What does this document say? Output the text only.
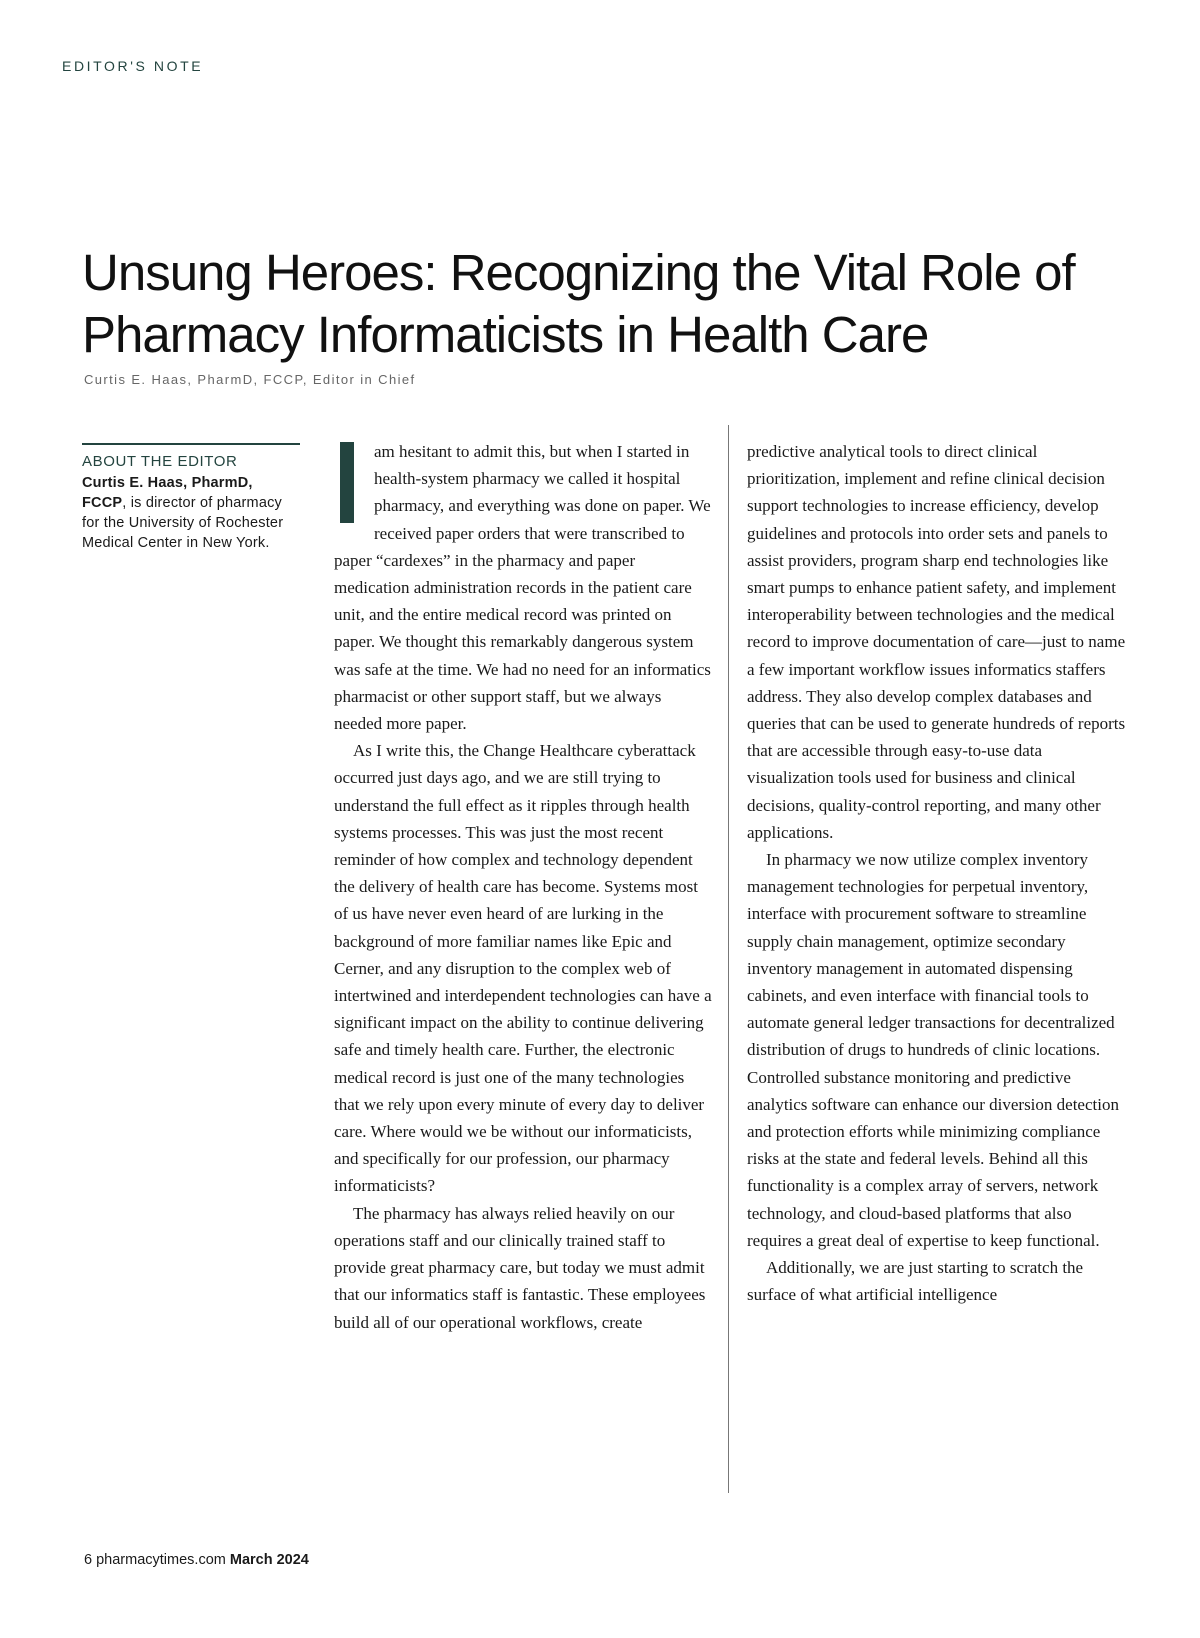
EDITOR'S NOTE
Unsung Heroes: Recognizing the Vital Role of Pharmacy Informaticists in Health Care
Curtis E. Haas, PharmD, FCCP, Editor in Chief
ABOUT THE EDITOR
Curtis E. Haas, PharmD, FCCP, is director of pharmacy for the University of Rochester Medical Center in New York.

am hesitant to admit this, but when I started in health-system pharmacy we called it hospital pharmacy, and everything was done on paper. We received paper orders that were transcribed to paper “cardexes” in the pharmacy and paper medication administration records in the patient care unit, and the entire medical record was printed on paper. We thought this remarkably dangerous system was safe at the time. We had no need for an informatics pharmacist or other support staff, but we always needed more paper.

As I write this, the Change Healthcare cyberattack occurred just days ago, and we are still trying to understand the full effect as it ripples through health systems processes. This was just the most recent reminder of how complex and technology dependent the delivery of health care has become. Systems most of us have never even heard of are lurking in the background of more familiar names like Epic and Cerner, and any disruption to the complex web of intertwined and interdependent technologies can have a significant impact on the ability to continue delivering safe and timely health care. Further, the electronic medical record is just one of the many technologies that we rely upon every minute of every day to deliver care. Where would we be without our informaticists, and specifically for our profession, our pharmacy informaticists?

The pharmacy has always relied heavily on our operations staff and our clinically trained staff to provide great pharmacy care, but today we must admit that our informatics staff is fantastic. These employees build all of our operational workflows, create

predictive analytical tools to direct clinical prioritization, implement and refine clinical decision support technologies to increase efficiency, develop guidelines and protocols into order sets and panels to assist providers, program sharp end technologies like smart pumps to enhance patient safety, and implement interoperability between technologies and the medical record to improve documentation of care—just to name a few important workflow issues informatics staffers address. They also develop complex databases and queries that can be used to generate hundreds of reports that are accessible through easy-to-use data visualization tools used for business and clinical decisions, quality-control reporting, and many other applications.

In pharmacy we now utilize complex inventory management technologies for perpetual inventory, interface with procurement software to streamline supply chain management, optimize secondary inventory management in automated dispensing cabinets, and even interface with financial tools to automate general ledger transactions for decentralized distribution of drugs to hundreds of clinic locations. Controlled substance monitoring and predictive analytics software can enhance our diversion detection and protection efforts while minimizing compliance risks at the state and federal levels. Behind all this functionality is a complex array of servers, network technology, and cloud-based platforms that also requires a great deal of expertise to keep functional.

Additionally, we are just starting to scratch the surface of what artificial intelligence

6 pharmacytimes.com March 2024
